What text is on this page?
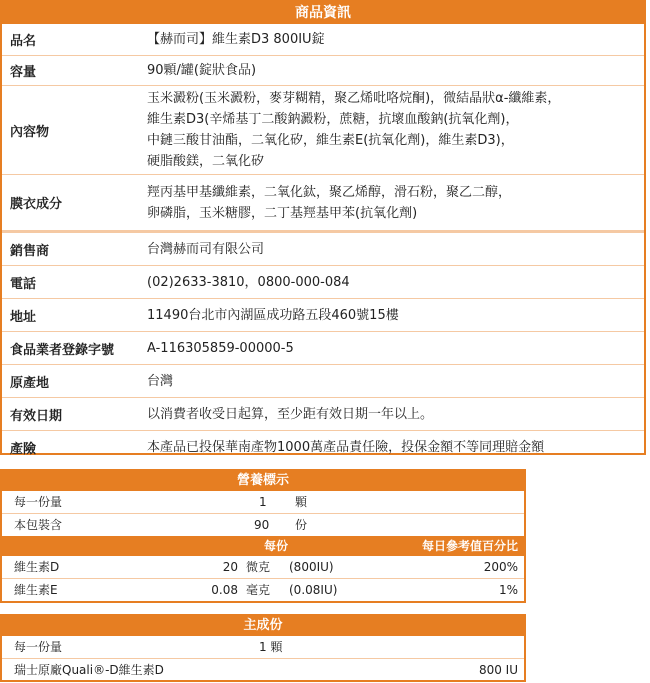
商品資訊
品名	【赫而司】維生素D3 800IU錠
容量	90顆/罐(錠狀食品)
內容物
玉米澱粉(玉米澱粉，麥芽糊精，聚乙烯吡咯烷酮)，微結晶狀α-纖維素，
維生素D3(辛烯基丁二酸鈉澱粉，蔗糖，抗壞血酸鈉(抗氧化劑)，
中鏈三酸甘油酯，二氧化矽，維生素E(抗氧化劑)，維生素D3)，
硬脂酸鎂，二氧化矽
膜衣成分
羥丙基甲基纖維素，二氧化鈦，聚乙烯醇，滑石粉，聚乙二醇，
卵磷脂，玉米糖膠，二丁基羥基甲苯(抗氧化劑)
銷售商	台灣赫而司有限公司
電話	(02)2633-3810，0800-000-084
地址	11490台北市內湖區成功路五段460號15樓
食品業者登錄字號	A-116305859-00000-5
原產地	台灣
有效日期	以消費者收受日起算，至少距有效日期一年以上。
產險	本產品已投保華南產物1000萬產品責任險，投保金額不等同理賠金額
營養標示
每一份量	1 顆
本包裝含	90 份
每份	每日參考值百分比
維生素D	20 微克 (800IU)	200%
維生素E	0.08 毫克 (0.08IU)	1%
主成份
每一份量	1 顆
瑞士原廠Quali®-D維生素D	800 IU
